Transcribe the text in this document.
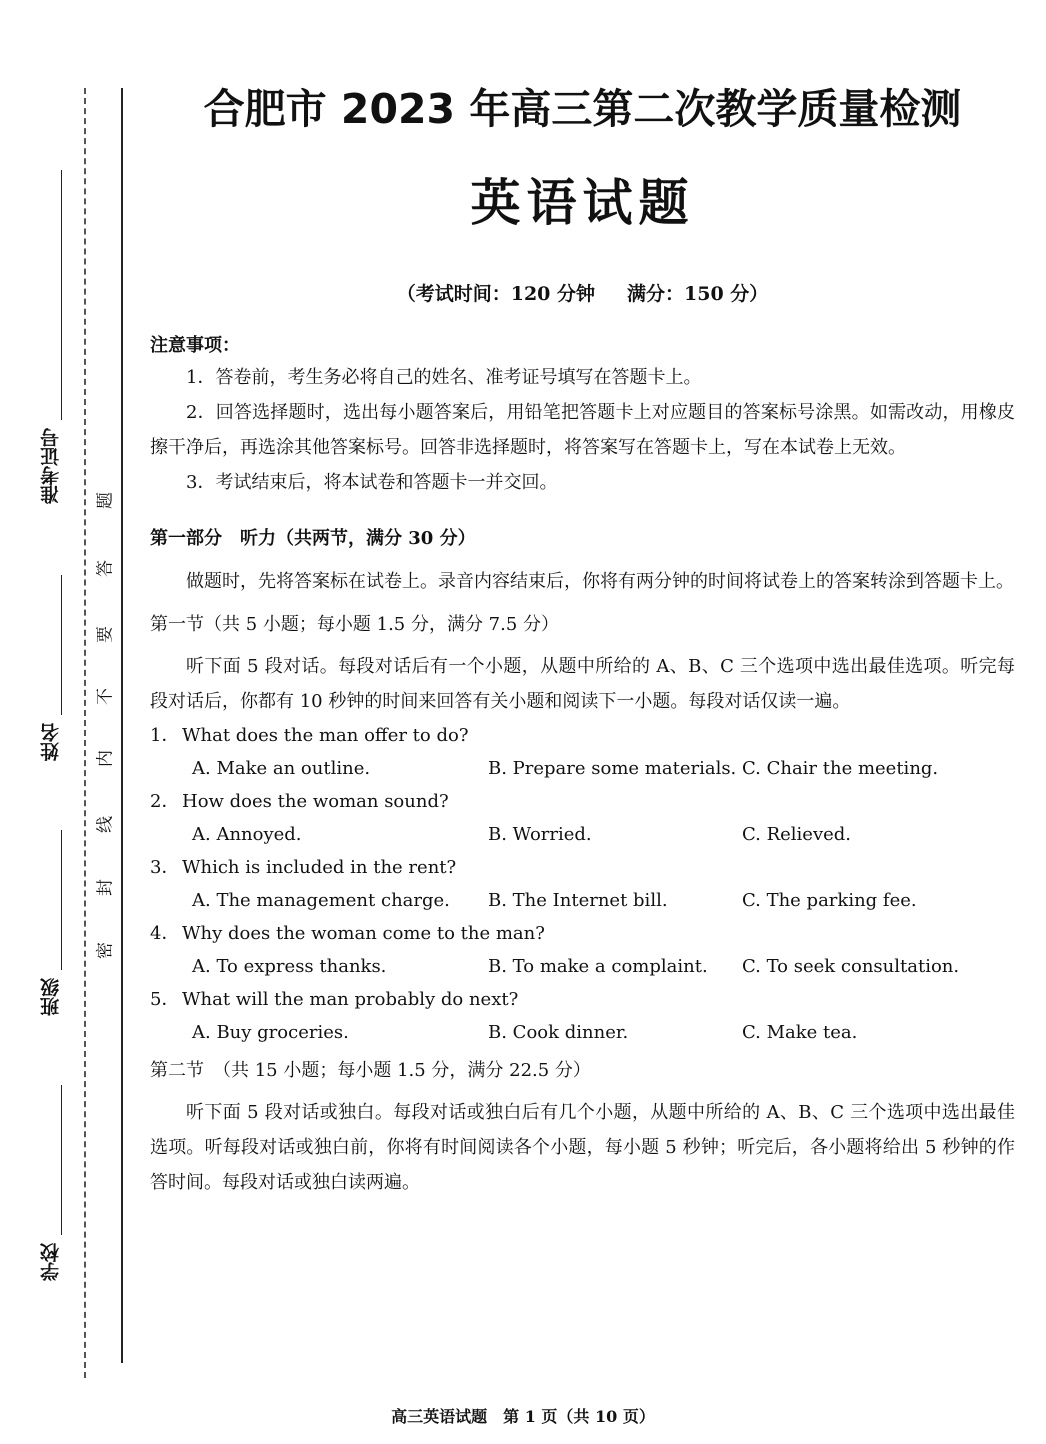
准考证号
姓名
班级
学校
题
答
要
不
内
线
封
密
合肥市 2023 年高三第二次教学质量检测
英语试题
（考试时间：120 分钟 满分：150 分）
注意事项：

1．答卷前，考生务必将自己的姓名、准考证号填写在答题卡上。

2．回答选择题时，选出每小题答案后，用铅笔把答题卡上对应题目的答案标号涂黑。如需改动，用橡皮擦干净后，再选涂其他答案标号。回答非选择题时，将答案写在答题卡上，写在本试卷上无效。

3．考试结束后，将本试卷和答题卡一并交回。

第一部分　听力（共两节，满分 30 分）

做题时，先将答案标在试卷上。录音内容结束后，你将有两分钟的时间将试卷上的答案转涂到答题卡上。

第一节（共 5 小题；每小题 1.5 分，满分 7.5 分）

听下面 5 段对话。每段对话后有一个小题，从题中所给的 A、B、C 三个选项中选出最佳选项。听完每段对话后，你都有 10 秒钟的时间来回答有关小题和阅读下一小题。每段对话仅读一遍。

1． What does the man offer to do?
A. Make an outline.	B. Prepare some materials. C. Chair the meeting.
2． How does the woman sound?
A. Annoyed.	B. Worried.	C. Relieved.
3． Which is included in the rent?
A. The management charge. B. The Internet bill.	C. The parking fee.
4． Why does the woman come to the man?
A. To express thanks.	B. To make a complaint. C. To seek consultation.
5． What will the man probably do next?
A. Buy groceries.	B. Cook dinner.	C. Make tea.
第二节　（共 15 小题；每小题 1.5 分，满分 22.5 分）

听下面 5 段对话或独白。每段对话或独白后有几个小题，从题中所给的 A、B、C 三个选项中选出最佳选项。听每段对话或独白前，你将有时间阅读各个小题，每小题 5 秒钟；听完后，各小题将给出 5 秒钟的作答时间。每段对话或独白读两遍。

高三英语试题　第 1 页（共 10 页）
